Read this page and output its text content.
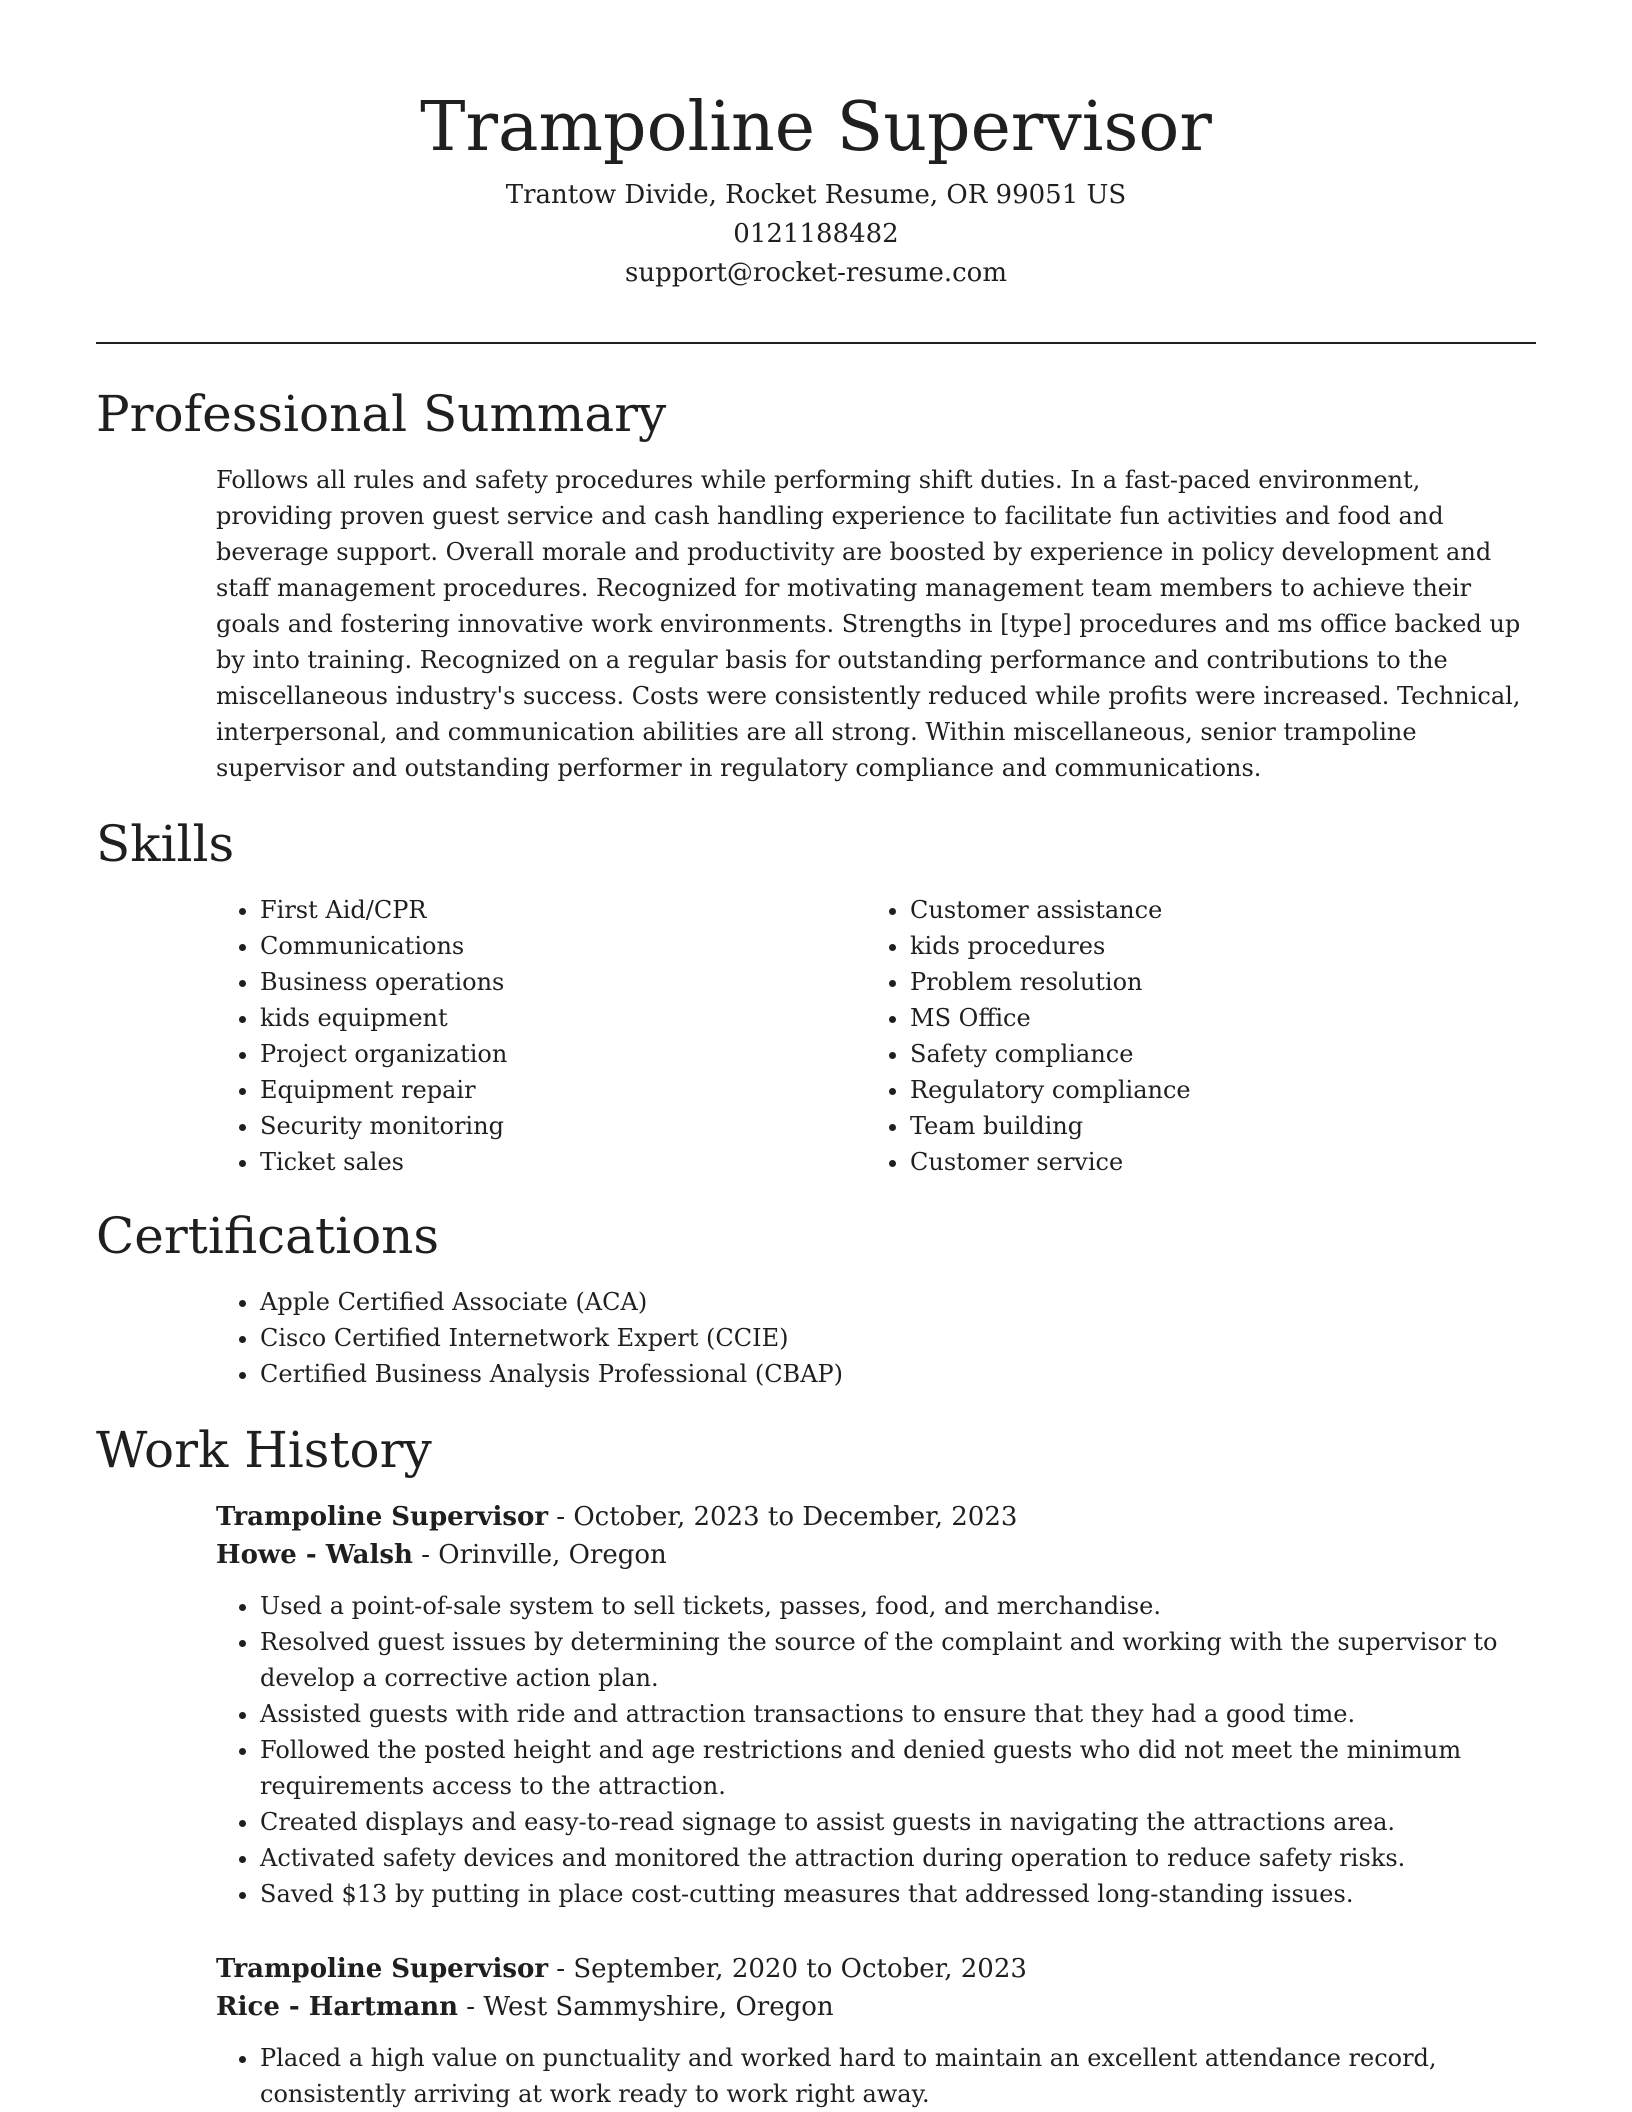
Trampoline Supervisor
Trantow Divide, Rocket Resume, OR 99051 US
0121188482
support@rocket-resume.com
Professional Summary

Follows all rules and safety procedures while performing shift duties. In a fast-paced environment, providing proven guest service and cash handling experience to facilitate fun activities and food and beverage support. Overall morale and productivity are boosted by experience in policy development and staff management procedures. Recognized for motivating management team members to achieve their goals and fostering innovative work environments. Strengths in [type] procedures and ms office backed up by into training. Recognized on a regular basis for outstanding performance and contributions to the miscellaneous industry's success. Costs were consistently reduced while profits were increased. Technical, interpersonal, and communication abilities are all strong. Within miscellaneous, senior trampoline supervisor and outstanding performer in regulatory compliance and communications.

Skills
• First Aid/CPR
• Communications
• Business operations
• kids equipment
• Project organization
• Equipment repair
• Security monitoring
• Ticket sales
• Customer assistance
• kids procedures
• Problem resolution
• MS Office
• Safety compliance
• Regulatory compliance
• Team building
• Customer service
Certifications
• Apple Certified Associate (ACA)
• Cisco Certified Internetwork Expert (CCIE)
• Certified Business Analysis Professional (CBAP)
Work History
Trampoline Supervisor - October, 2023 to December, 2023
Howe - Walsh - Orinville, Oregon
• Used a point-of-sale system to sell tickets, passes, food, and merchandise.
• Resolved guest issues by determining the source of the complaint and working with the supervisor to develop a corrective action plan.
• Assisted guests with ride and attraction transactions to ensure that they had a good time.
• Followed the posted height and age restrictions and denied guests who did not meet the minimum requirements access to the attraction.
• Created displays and easy-to-read signage to assist guests in navigating the attractions area.
• Activated safety devices and monitored the attraction during operation to reduce safety risks.
• Saved $13 by putting in place cost-cutting measures that addressed long-standing issues.
Trampoline Supervisor - September, 2020 to October, 2023
Rice - Hartmann - West Sammyshire, Oregon
• Placed a high value on punctuality and worked hard to maintain an excellent attendance record, consistently arriving at work ready to work right away.
